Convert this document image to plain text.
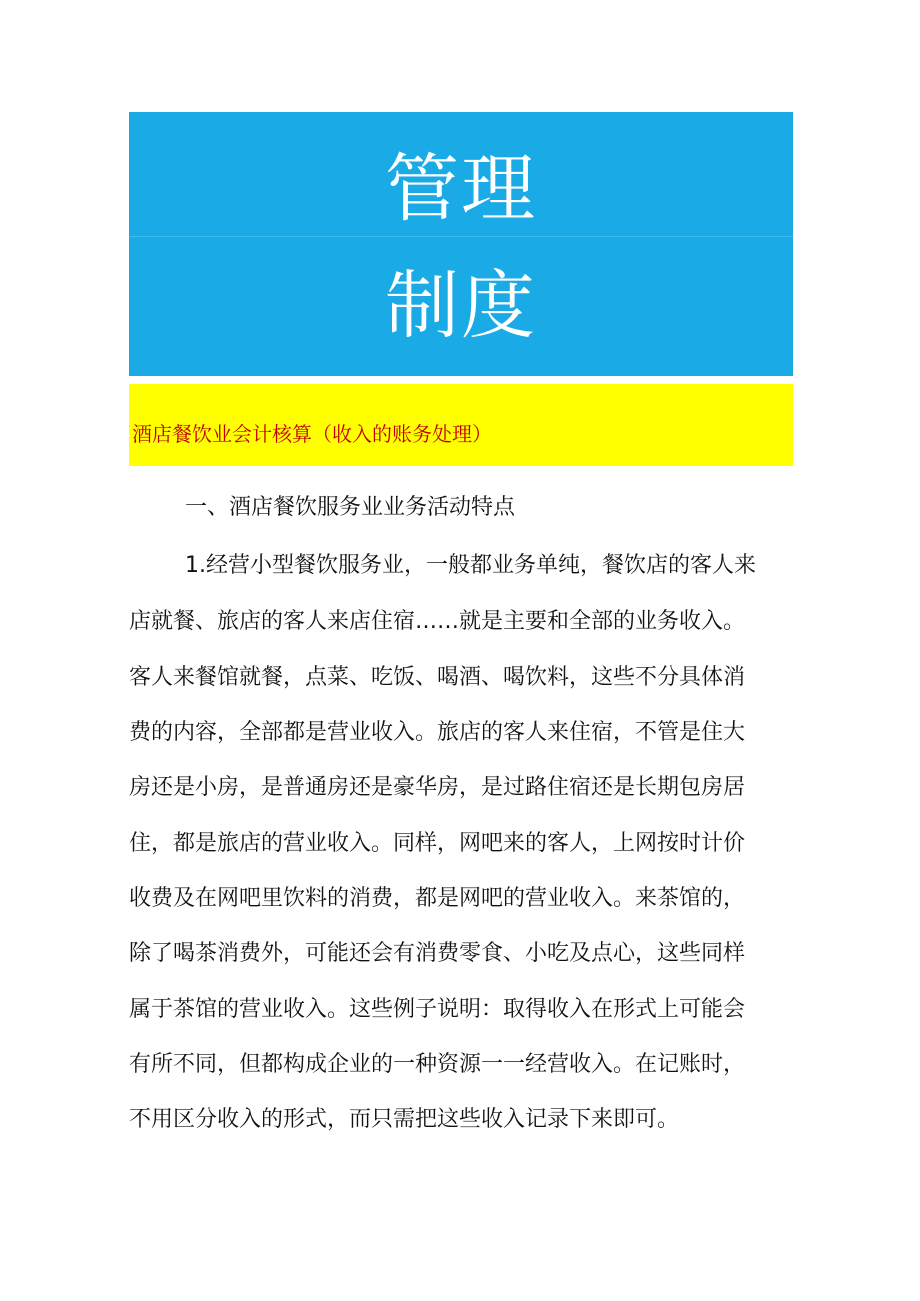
管理
制度
酒店餐饮业会计核算（收入的账务处理）
一、酒店餐饮服务业业务活动特点
1.经营小型餐饮服务业，一般都业务单纯，餐饮店的客人来
店就餐、旅店的客人来店住宿……就是主要和全部的业务收入。
客人来餐馆就餐，点菜、吃饭、喝酒、喝饮料，这些不分具体消
费的内容，全部都是营业收入。旅店的客人来住宿，不管是住大
房还是小房，是普通房还是豪华房，是过路住宿还是长期包房居
住，都是旅店的营业收入。同样，网吧来的客人，上网按时计价
收费及在网吧里饮料的消费，都是网吧的营业收入。来茶馆的，
除了喝茶消费外，可能还会有消费零食、小吃及点心，这些同样
属于茶馆的营业收入。这些例子说明：取得收入在形式上可能会
有所不同，但都构成企业的一种资源一一经营收入。在记账时，
不用区分收入的形式，而只需把这些收入记录下来即可。
